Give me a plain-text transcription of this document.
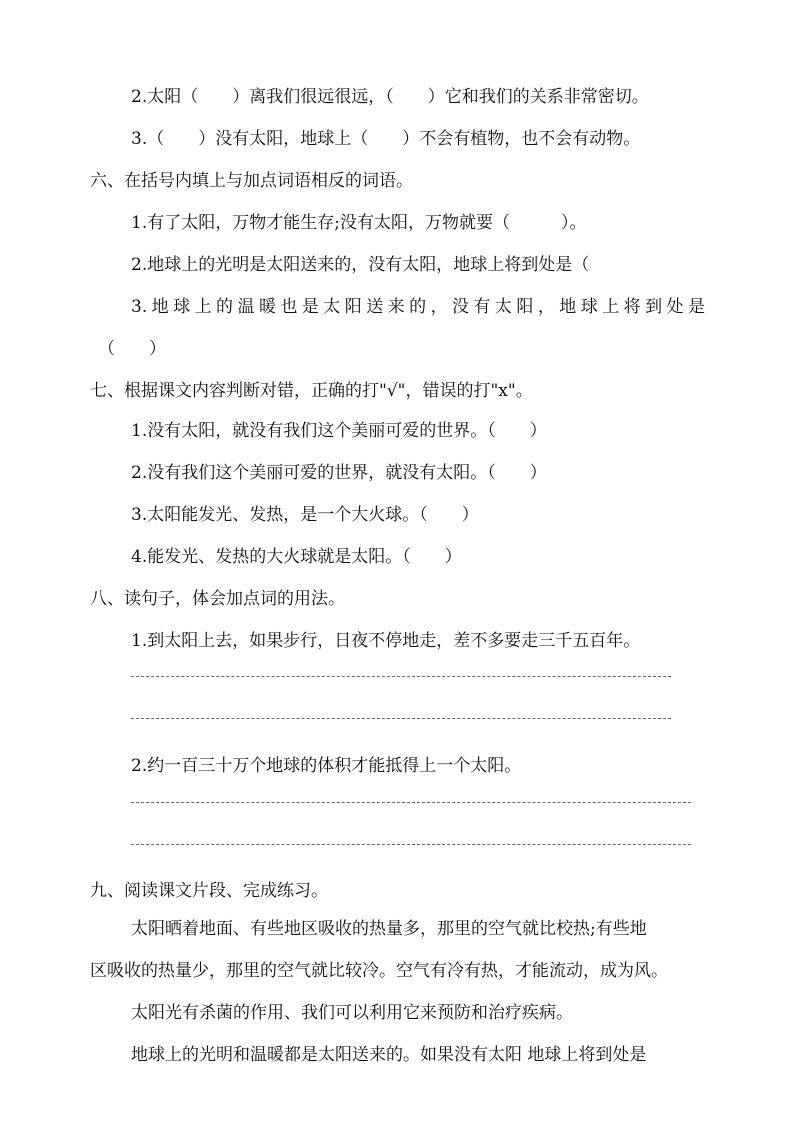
2.太阳（　　）离我们很远很远，（　　）它和我们的关系非常密切。
3.（　　）没有太阳，地球上（　　）不会有植物，也不会有动物。
六、在括号内填上与加点词语相反的词语。
1.有了太阳，万物才能生存;没有太阳，万物就要（　　　）。
2.地球上的光明是太阳送来的，没有太阳，地球上将到处是（
3.地球上的温暖也是太阳送来的，没有太阳，地球上将到处是
（　　）
七、根据课文内容判断对错，正确的打"√"，错误的打"x"。
1.没有太阳，就没有我们这个美丽可爱的世界。（　　）
2.没有我们这个美丽可爱的世界，就没有太阳。（　　）
3.太阳能发光、发热，是一个大火球。（　　）
4.能发光、发热的大火球就是太阳。（　　）
八、读句子，体会加点词的用法。
1.到太阳上去，如果步行，日夜不停地走，差不多要走三千五百年。
2.约一百三十万个地球的体积才能抵得上一个太阳。
九、阅读课文片段、完成练习。
太阳晒着地面、有些地区吸收的热量多，那里的空气就比校热;有些地
区吸收的热量少，那里的空气就比较冷。空气有冷有热，才能流动，成为风。
太阳光有杀菌的作用、我们可以利用它来预防和治疗疾病。
地球上的光明和温暖都是太阳送来的。如果没有太阳 地球上将到处是
